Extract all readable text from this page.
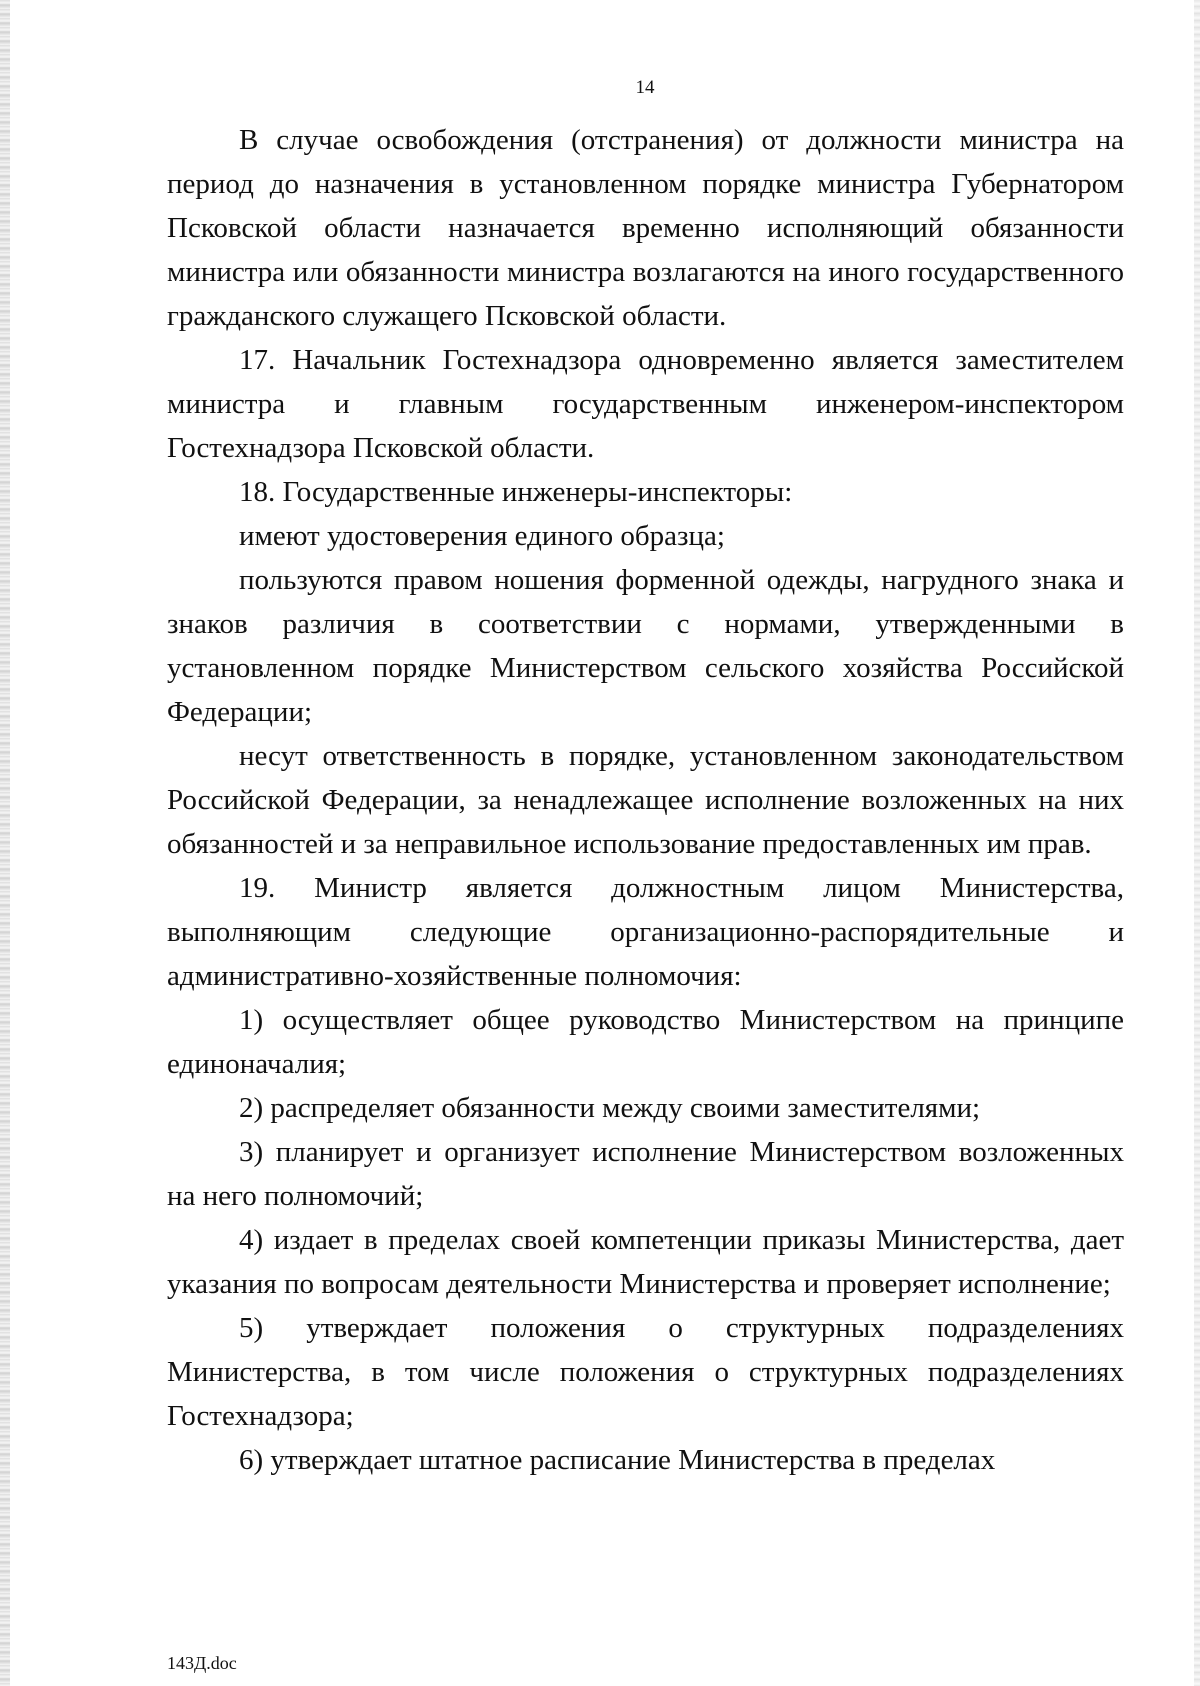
14

В случае освобождения (отстранения) от должности министра на период до назначения в установленном порядке министра Губернатором Псковской области назначается временно исполняющий обязанности министра или обязанности министра возлагаются на иного государственного гражданского служащего Псковской области.

17. Начальник Гостехнадзора одновременно является заместителем министра и главным государственным инженером-инспектором Гостехнадзора Псковской области.

18. Государственные инженеры-инспекторы:

имеют удостоверения единого образца;

пользуются правом ношения форменной одежды, нагрудного знака и знаков различия в соответствии с нормами, утвержденными в установленном порядке Министерством сельского хозяйства Российской Федерации;

несут ответственность в порядке, установленном законодательством Российской Федерации, за ненадлежащее исполнение возложенных на них обязанностей и за неправильное использование предоставленных им прав.

19. Министр является должностным лицом Министерства, выполняющим следующие организационно-распорядительные и административно-хозяйственные полномочия:

1) осуществляет общее руководство Министерством на принципе единоначалия;

2) распределяет обязанности между своими заместителями;

3) планирует и организует исполнение Министерством возложенных на него полномочий;

4) издает в пределах своей компетенции приказы Министерства, дает указания по вопросам деятельности Министерства и проверяет исполнение;

5) утверждает положения о структурных подразделениях Министерства, в том числе положения о структурных подразделениях Гостехнадзора;

6) утверждает штатное расписание Министерства в пределах

143Д.doc
